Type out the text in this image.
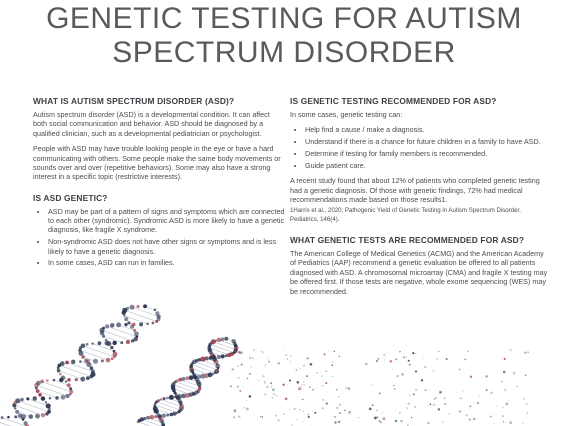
GENETIC TESTING FOR AUTISM
SPECTRUM DISORDER
WHAT IS AUTISM SPECTRUM DISORDER (ASD)?

Autism spectrum disorder (ASD) is a developmental condition. It can affect both social communication and behavior. ASD should be diagnosed by a qualified clinician, such as a developmental pediatrician or psychologist.

People with ASD may have trouble looking people in the eye or have a hard communicating with others. Some people make the same body movements or sounds over and over (repetitive behaviors). Some may also have a strong interest in a specific topic (restrictive interests).

IS ASD GENETIC?
• ASD may be part of a pattern of signs and symptoms which are connected to each other (syndromic). Syndromic ASD is more likely to have a genetic diagnosis, like fragile X syndrome.
• Non-syndromic ASD does not have other signs or symptoms and is less likely to have a genetic diagnosis.
• In some cases, ASD can run in families.
IS GENETIC TESTING RECOMMENDED FOR ASD?

In some cases, genetic testing can:

• Help find a cause / make a diagnosis.
• Understand if there is a chance for future children in a family to have ASD.
• Determine if testing for family members is recommended.
• Guide patient care.

A recent study found that about 12% of patients who completed genetic testing had a genetic diagnosis. Of those with genetic findings, 72% had medical recommendations made based on those results1.

1Harris et al., 2020; Pathogenic Yield of Genetic Testing in Autism Spectrum Disorder. Pediatrics, 146(4).

WHAT GENETIC TESTS ARE RECOMMENDED FOR ASD?

The American College of Medical Genetics (ACMG) and the American Academy of Pediatrics (AAP) recommend a genetic evaluation be offered to all patients diagnosed with ASD. A chromosomal microarray (CMA) and fragile X testing may be offered first. If those tests are negative, whole exome sequencing (WES) may be recommended.
